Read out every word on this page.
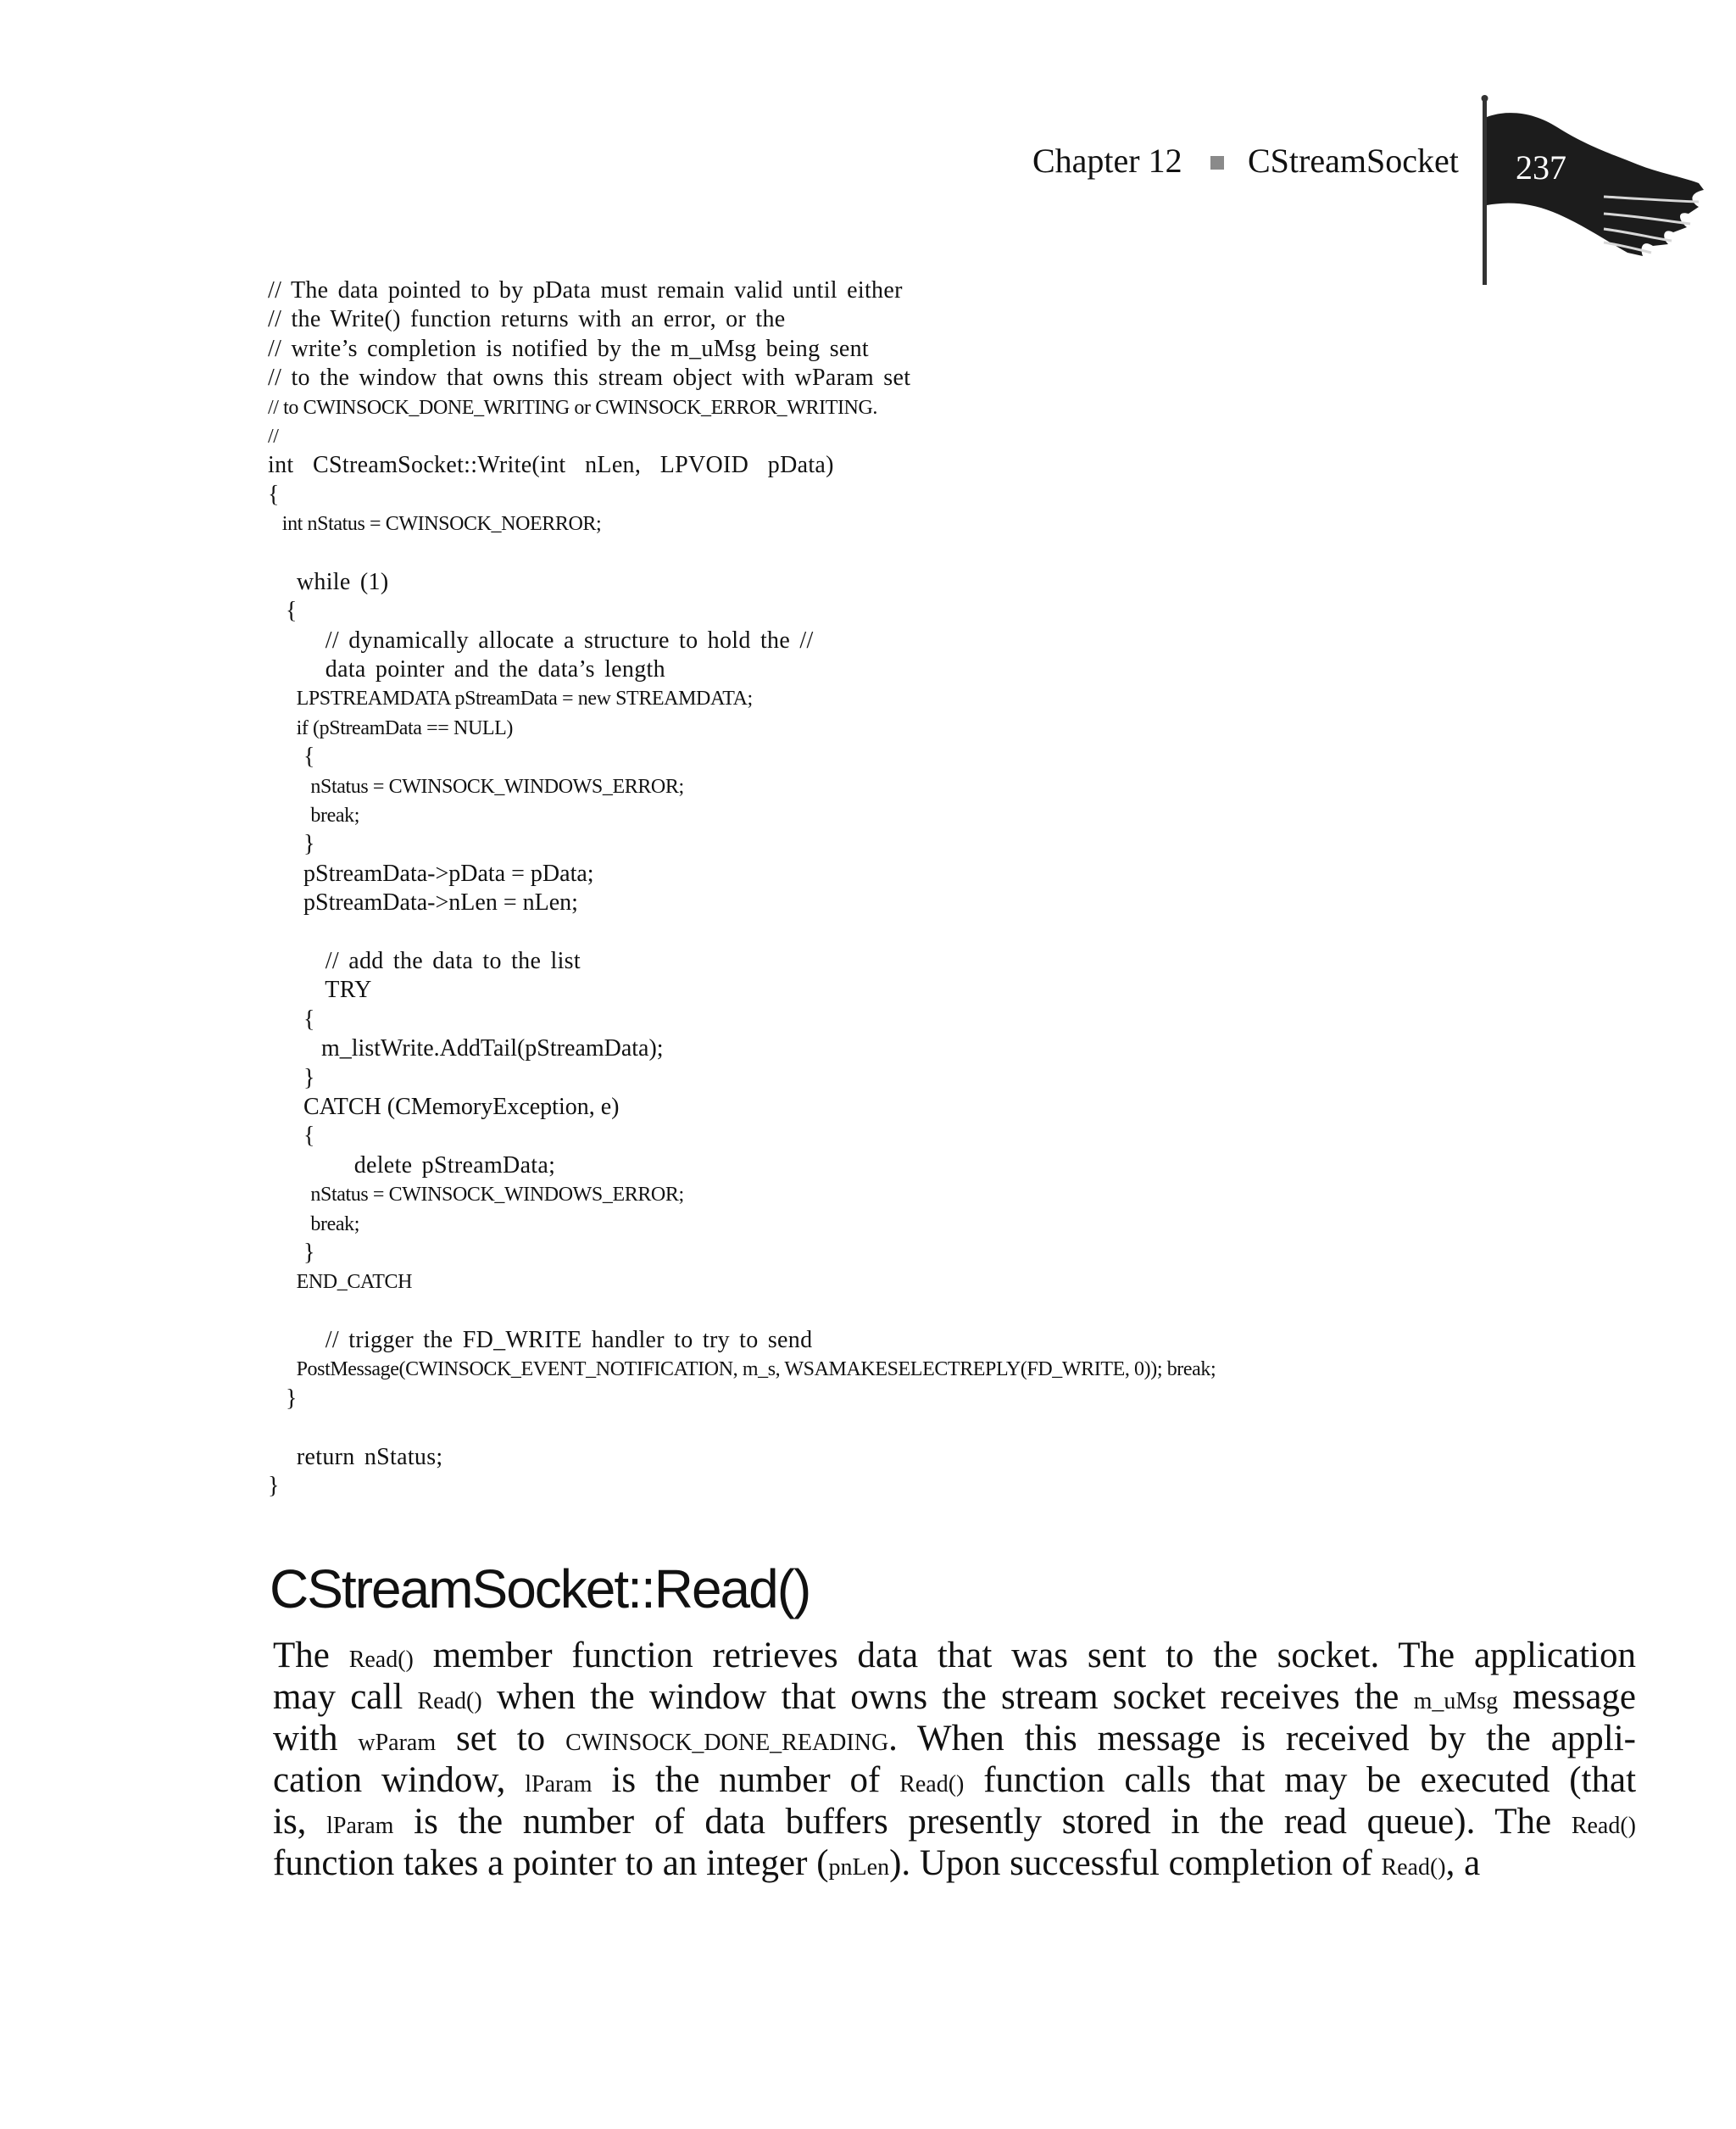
Chapter 12 CStreamSocket 237
// The data pointed to by pData must remain valid until either
// the Write() function returns with an error, or the
// write’s completion is notified by the m_uMsg being sent
// to the window that owns this stream object with wParam set
// to CWINSOCK_DONE_WRITING or CWINSOCK_ERROR_WRITING.
//
int  CStreamSocket::Write(int  nLen,  LPVOID  pData)
{
int nStatus = CWINSOCK_NOERROR;
while (1)
{
// dynamically allocate a structure to hold the //
data pointer and the data’s length
LPSTREAMDATA pStreamData = new STREAMDATA;
if (pStreamData == NULL)
{
nStatus = CWINSOCK_WINDOWS_ERROR;
break;
}
pStreamData->pData = pData;
pStreamData->nLen = nLen;
// add the data to the list
TRY
{
m_listWrite.AddTail(pStreamData);
}
CATCH (CMemoryException, e)
{
delete pStreamData;
nStatus = CWINSOCK_WINDOWS_ERROR;
break;
}
END_CATCH
// trigger the FD_WRITE handler to try to send
PostMessage(CWINSOCK_EVENT_NOTIFICATION, m_s, WSAMAKESELECTREPLY(FD_WRITE, 0)); break;
}
return nStatus;
}
CStreamSocket::Read()
The Read() member function retrieves data that was sent to the socket. The application
may call Read() when the window that owns the stream socket receives the m_uMsg message
with wParam set to CWINSOCK_DONE_READING. When this message is received by the appli-
cation window, lParam is the number of Read() function calls that may be executed (that
is, lParam is the number of data buffers presently stored in the read queue). The Read()
function takes a pointer to an integer (pnLen). Upon successful completion of Read(), a
